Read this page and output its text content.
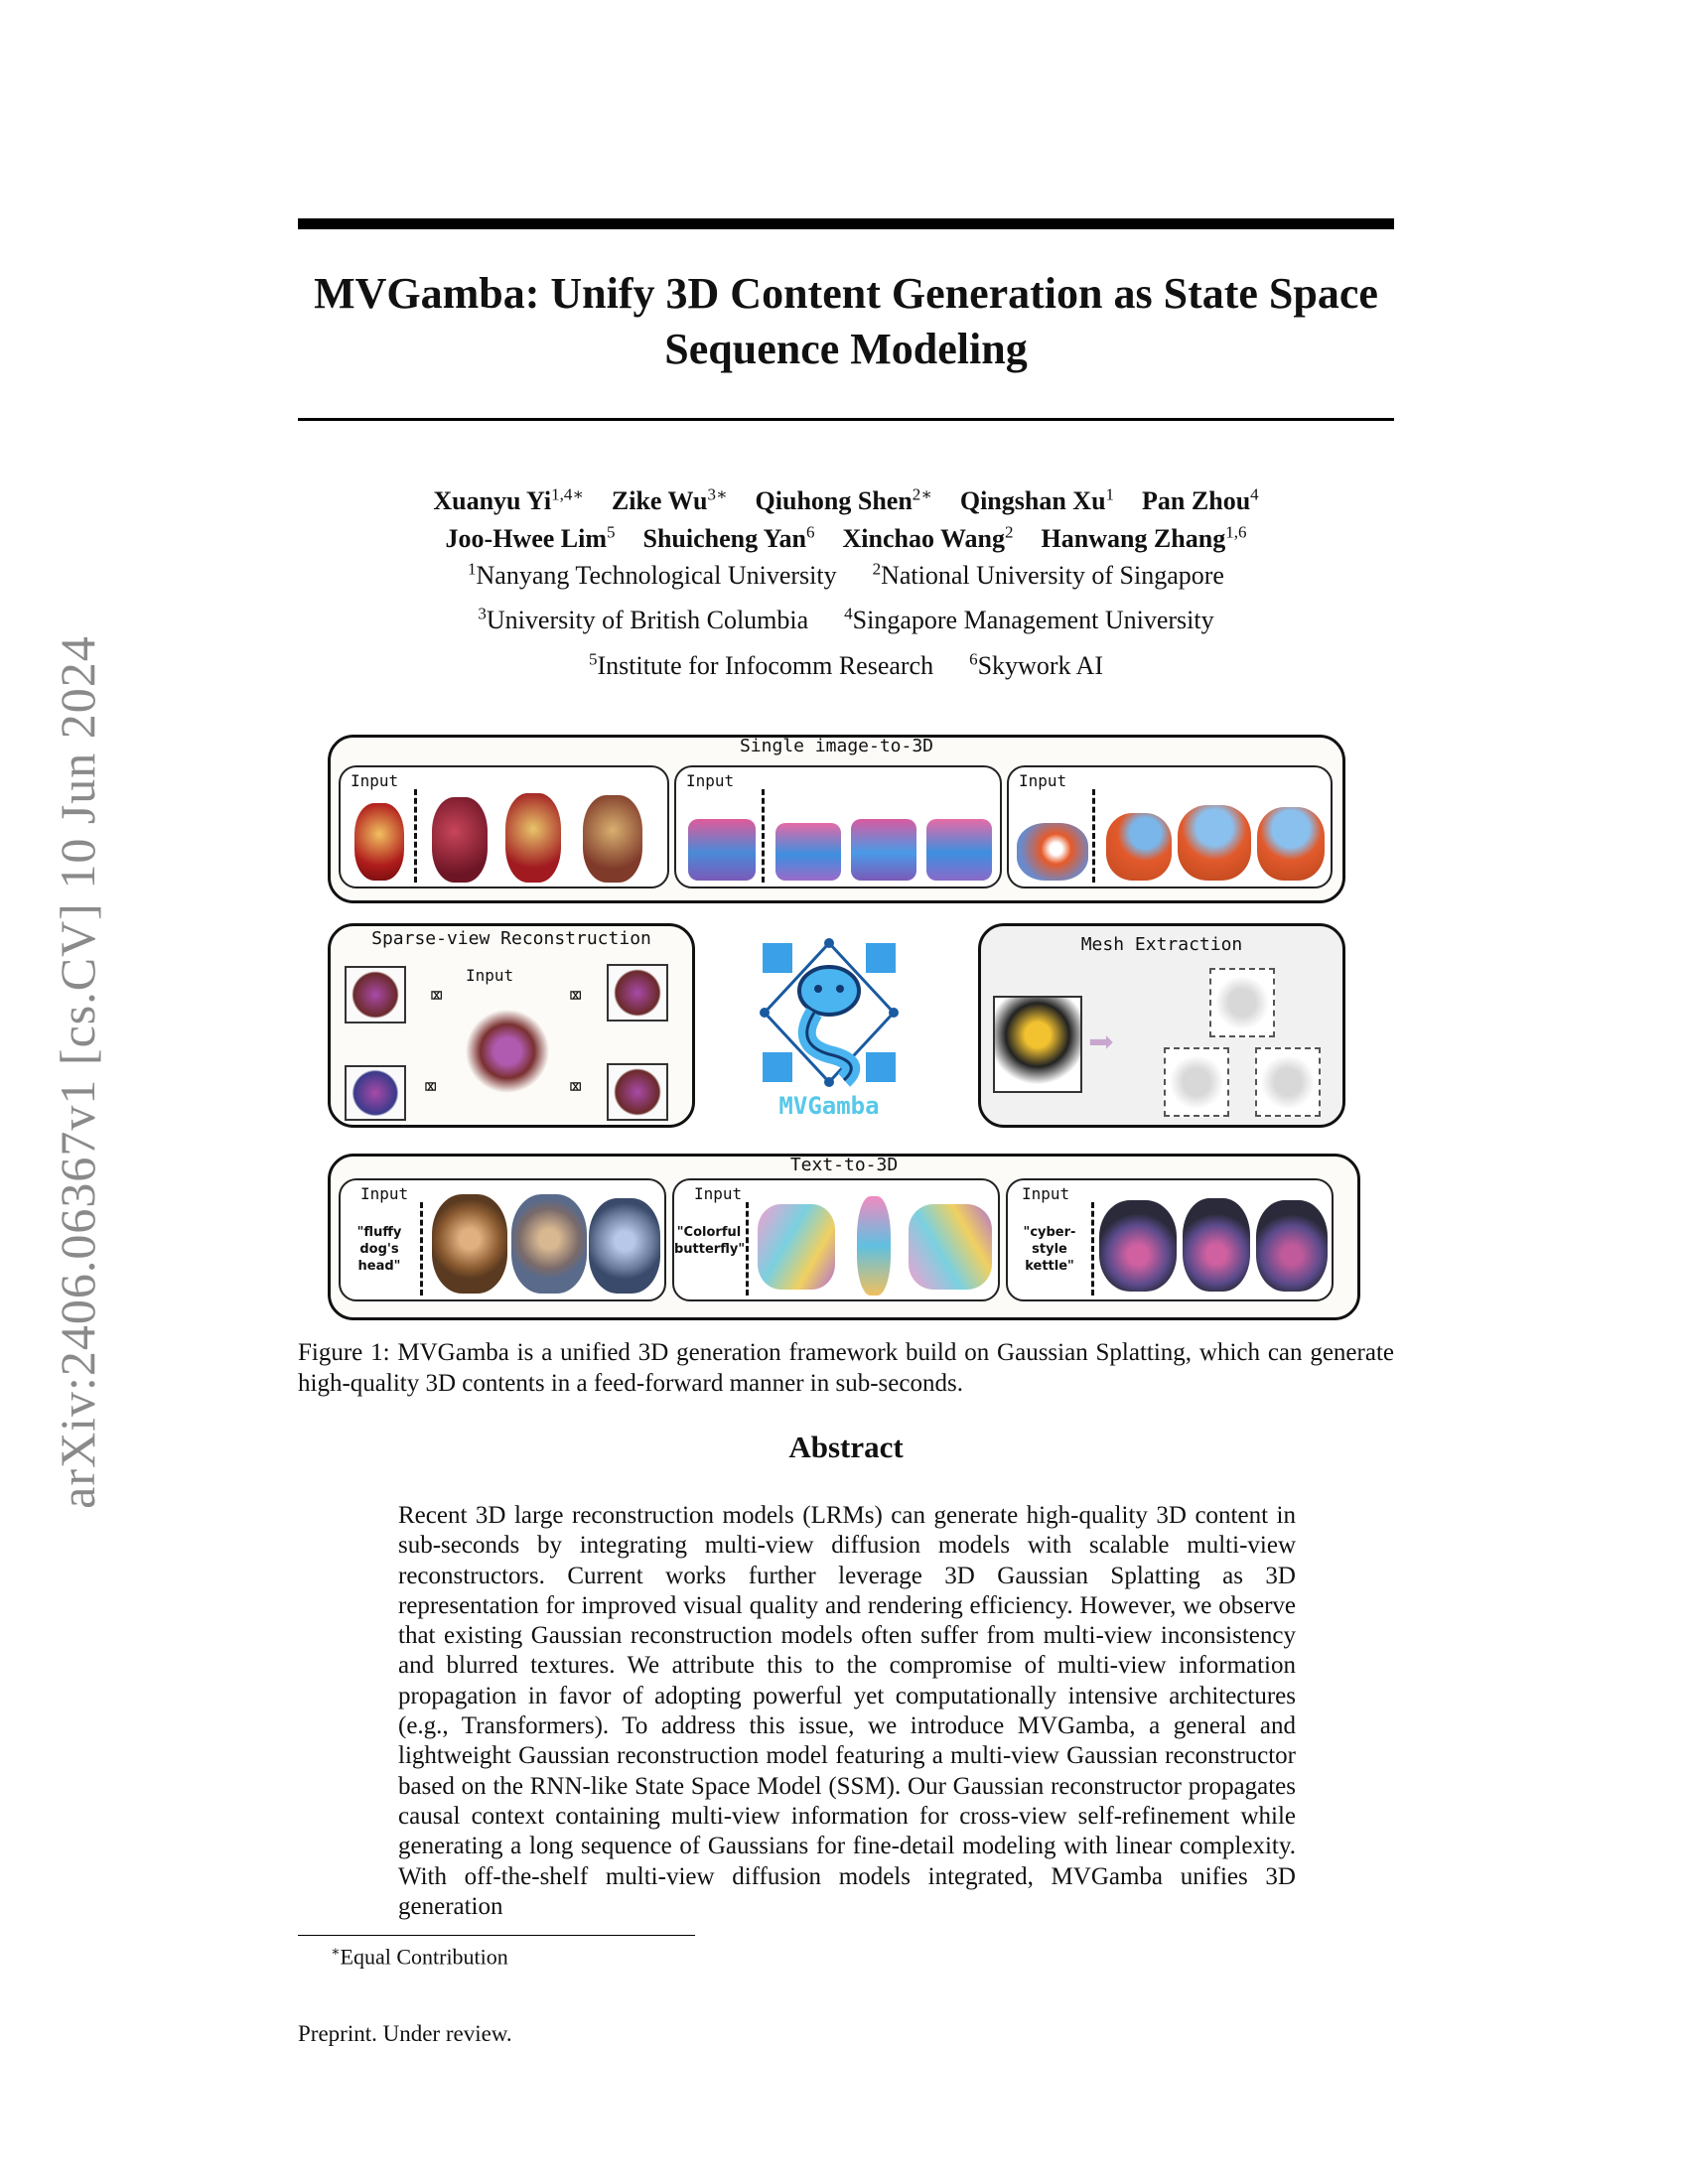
arXiv:2406.06367v1 [cs.CV] 10 Jun 2024
MVGamba: Unify 3D Content Generation as State Space Sequence Modeling
Xuanyu $Yi^{1,4∗}$ Zike $Wu^{3∗}$ Qiuhong Shen$^{2∗}$ Qingshan Xu$^1$ Pan Zhou$^4$
Joo-Hwee Lim$^5$ Shuicheng Yan$^6$ Xinchao Wang$^2$ Hanwang Zhang$^{1,6}$
$^1$Nanyang Technological University $^2$National University of Singapore
$^3$University of British Columbia $^4$Singapore Management University
$^5$Institute for Infocomm Research $^6$Skywork AI
Single image-to-3D
Input	Input	Input
Sparse-view Reconstruction
Input
⌧	⌧
⌧	⌧
MVGamba
Mesh Extraction
➡
Text-to-3D
Input
"fluffy dog's head"
Input
"Colorful butterfly"
Input
"cyber-style kettle"
Figure 1: MVGamba is a unified 3D generation framework build on Gaussian Splatting, which can generate high-quality 3D contents in a feed-forward manner in sub-seconds.
Abstract
Recent 3D large reconstruction models (LRMs) can generate high-quality 3D content in sub-seconds by integrating multi-view diffusion models with scalable multi-view reconstructors. Current works further leverage 3D Gaussian Splatting as 3D representation for improved visual quality and rendering efficiency. However, we observe that existing Gaussian reconstruction models often suffer from multi-view inconsistency and blurred textures. We attribute this to the compromise of multi-view information propagation in favor of adopting powerful yet computationally intensive architectures (e.g., Transformers). To address this issue, we introduce MVGamba, a general and lightweight Gaussian reconstruction model featuring a multi-view Gaussian reconstructor based on the RNN-like State Space Model (SSM). Our Gaussian reconstructor propagates causal context containing multi-view information for cross-view self-refinement while generating a long sequence of Gaussians for fine-detail modeling with linear complexity. With off-the-shelf multi-view diffusion models integrated, MVGamba unifies 3D generation
∗Equal Contribution
Preprint. Under review.
